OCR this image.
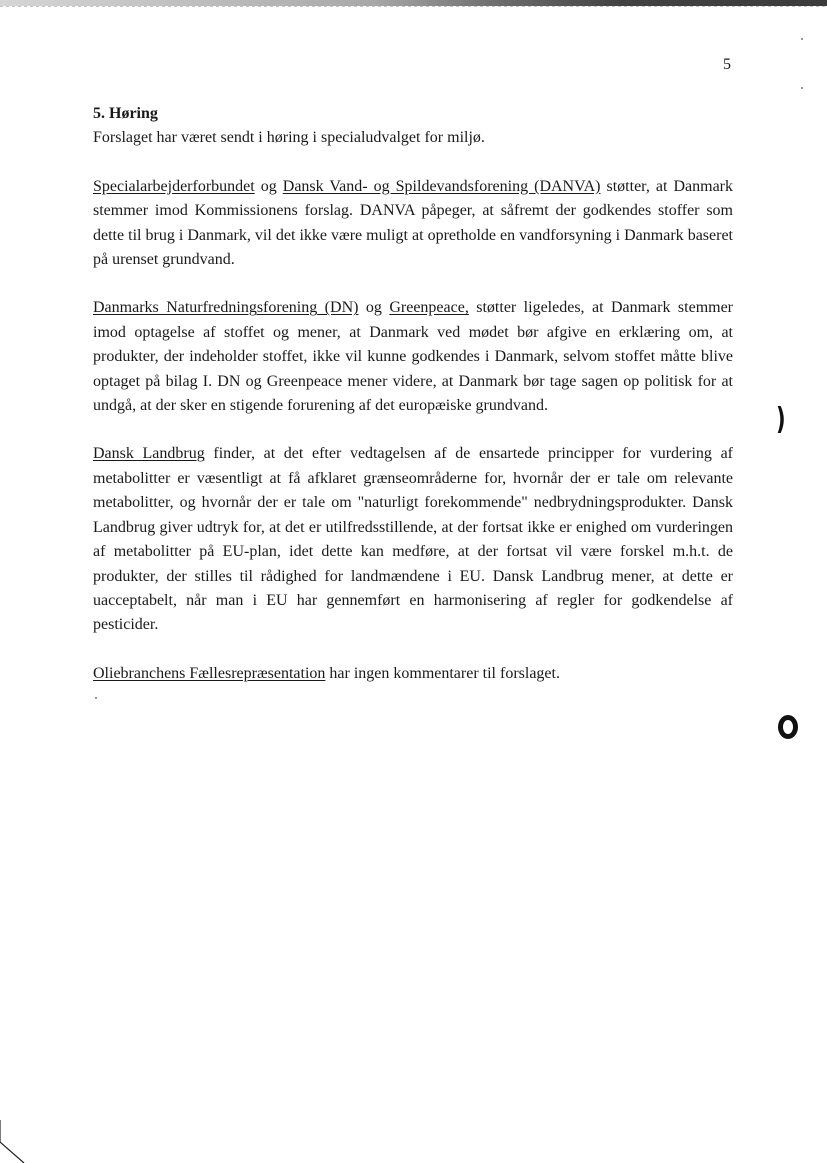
5

5. Høring

Forslaget har været sendt i høring i specialudvalget for miljø.

Specialarbejderforbundet og Dansk Vand- og Spildevandsforening (DANVA) støtter, at Danmark stemmer imod Kommissionens forslag. DANVA påpeger, at såfremt der godkendes stoffer som dette til brug i Danmark, vil det ikke være muligt at opretholde en vandforsyning i Danmark baseret på urenset grundvand.

Danmarks Naturfredningsforening (DN) og Greenpeace, støtter ligeledes, at Danmark stemmer imod optagelse af stoffet og mener, at Danmark ved mødet bør afgive en erklæring om, at produkter, der indeholder stoffet, ikke vil kunne godkendes i Danmark, selvom stoffet måtte blive optaget på bilag I. DN og Greenpeace mener videre, at Danmark bør tage sagen op politisk for at undgå, at der sker en stigende forurening af det europæiske grundvand.

Dansk Landbrug finder, at det efter vedtagelsen af de ensartede principper for vurdering af metabolitter er væsentligt at få afklaret grænseområderne for, hvornår der er tale om relevante metabolitter, og hvornår der er tale om "naturligt forekommende" nedbrydningsprodukter. Dansk Landbrug giver udtryk for, at det er utilfredsstillende, at der fortsat ikke er enighed om vurderingen af metabolitter på EU-plan, idet dette kan medføre, at der fortsat vil være forskel m.h.t. de produkter, der stilles til rådighed for landmændene i EU. Dansk Landbrug mener, at dette er uacceptabelt, når man i EU har gennemført en harmonisering af regler for godkendelse af pesticider.

Oliebranchens Fællesrepræsentation har ingen kommentarer til forslaget.

)
